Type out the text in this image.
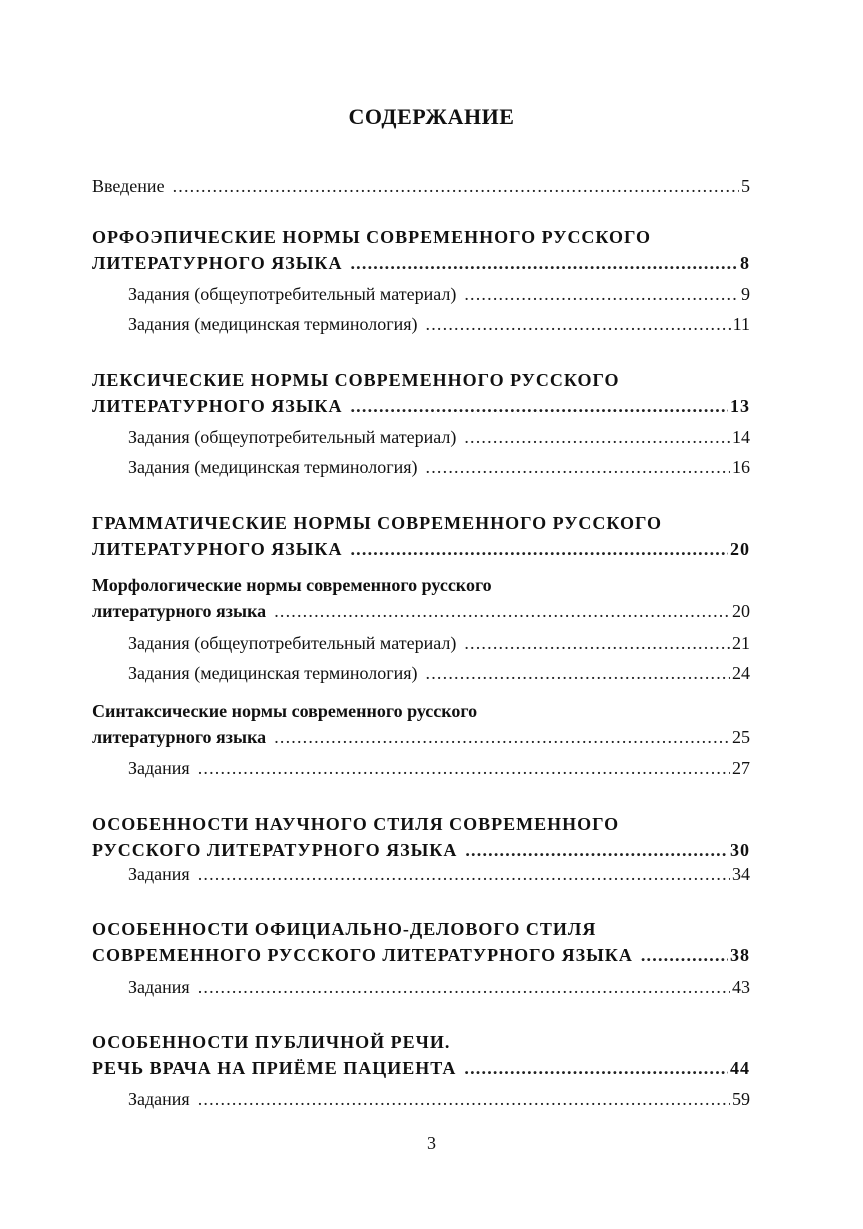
СОДЕРЖАНИЕ
Введение .....	5
ОРФОЭПИЧЕСКИЕ НОРМЫ СОВРЕМЕННОГО РУССКОГО
ЛИТЕРАТУРНОГО ЯЗЫКА .....	8
Задания (общеупотребительный материал) .....	9
Задания (медицинская терминология) .....	11
ЛЕКСИЧЕСКИЕ НОРМЫ СОВРЕМЕННОГО РУССКОГО
ЛИТЕРАТУРНОГО ЯЗЫКА .....	13
Задания (общеупотребительный материал) .....	14
Задания (медицинская терминология) .....	16
ГРАММАТИЧЕСКИЕ НОРМЫ СОВРЕМЕННОГО РУССКОГО
ЛИТЕРАТУРНОГО ЯЗЫКА .....	20
Морфологические нормы современного русского
литературного языка .....	20
Задания (общеупотребительный материал) .....	21
Задания (медицинская терминология) .....	24
Синтаксические нормы современного русского
литературного языка .....	25
Задания .....	27
ОСОБЕННОСТИ НАУЧНОГО СТИЛЯ СОВРЕМЕННОГО
РУССКОГО ЛИТЕРАТУРНОГО ЯЗЫКА .....	30
Задания .....	34
ОСОБЕННОСТИ ОФИЦИАЛЬНО-ДЕЛОВОГО СТИЛЯ
СОВРЕМЕННОГО РУССКОГО ЛИТЕРАТУРНОГО ЯЗЫКА .....	38
Задания .....	43
ОСОБЕННОСТИ ПУБЛИЧНОЙ РЕЧИ.
РЕЧЬ ВРАЧА НА ПРИЁМЕ ПАЦИЕНТА .....	44
Задания .....	59
3
